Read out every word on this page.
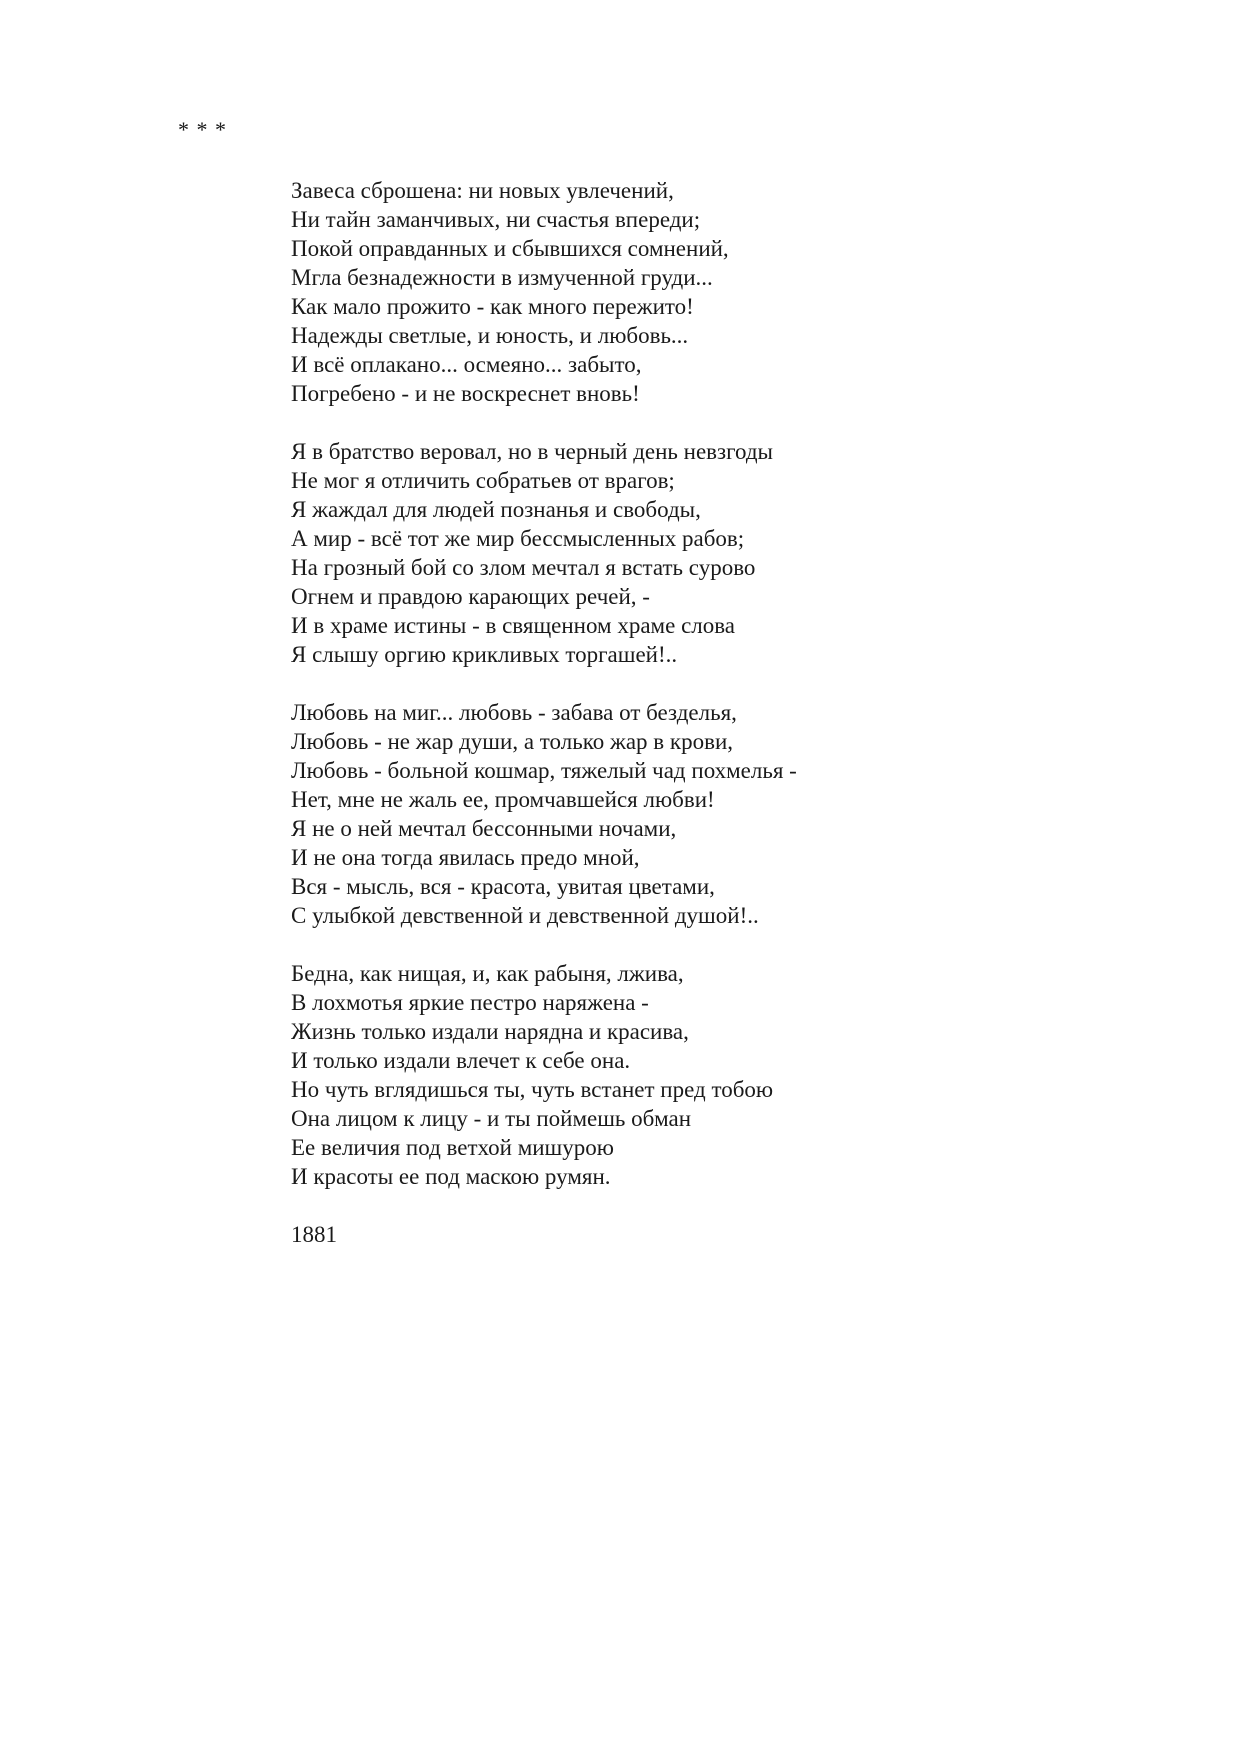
* * *

Завеса сброшена: ни новых увлечений,
Ни тайн заманчивых, ни счастья впереди;
Покой оправданных и сбывшихся сомнений,
Мгла безнадежности в измученной груди...
Как мало прожито - как много пережито!
Надежды светлые, и юность, и любовь...
И всё оплакано... осмеяно... забыто,
Погребено - и не воскреснет вновь!
Я в братство веровал, но в черный день невзгоды
Не мог я отличить собратьев от врагов;
Я жаждал для людей познанья и свободы,
А мир - всё тот же мир бессмысленных рабов;
На грозный бой со злом мечтал я встать сурово
Огнем и правдою карающих речей, -
И в храме истины - в священном храме слова
Я слышу оргию крикливых торгашей!..
Любовь на миг... любовь - забава от безделья,
Любовь - не жар души, а только жар в крови,
Любовь - больной кошмар, тяжелый чад похмелья -
Нет, мне не жаль ее, промчавшейся любви!
Я не о ней мечтал бессонными ночами,
И не она тогда явилась предо мной,
Вся - мысль, вся - красота, увитая цветами,
С улыбкой девственной и девственной душой!..
Бедна, как нищая, и, как рабыня, лжива,
В лохмотья яркие пестро наряжена -
Жизнь только издали нарядна и красива,
И только издали влечет к себе она.
Но чуть вглядишься ты, чуть встанет пред тобою
Она лицом к лицу - и ты поймешь обман
Ее величия под ветхой мишурою
И красоты ее под маскою румян.

1881
